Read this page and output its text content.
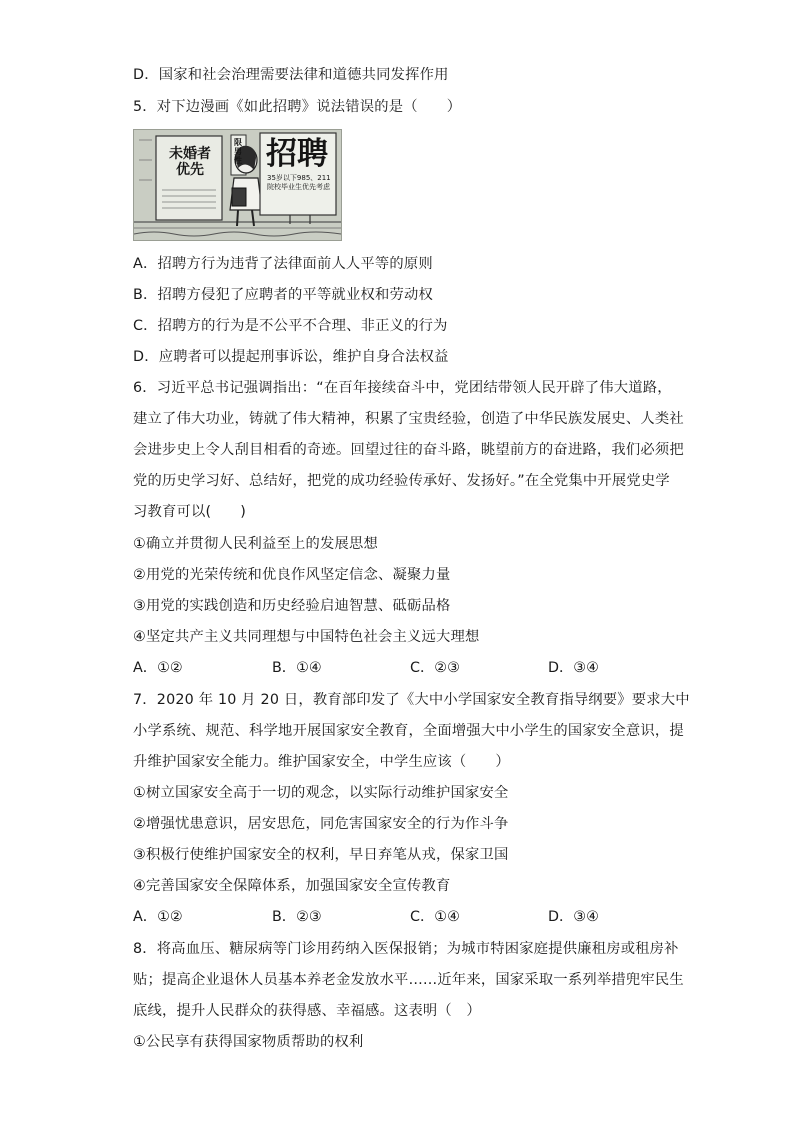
D．国家和社会治理需要法律和道德共同发挥作用
5．对下边漫画《如此招聘》说法错误的是（　　）
未婚者优先
限男性 招聘
35岁以下985、211院校毕业生优先考虑
A．招聘方行为违背了法律面前人人平等的原则
B．招聘方侵犯了应聘者的平等就业权和劳动权
C．招聘方的行为是不公平不合理、非正义的行为
D．应聘者可以提起刑事诉讼，维护自身合法权益
6．习近平总书记强调指出：“在百年接续奋斗中，党团结带领人民开辟了伟大道路，
建立了伟大功业，铸就了伟大精神，积累了宝贵经验，创造了中华民族发展史、人类社
会进步史上令人刮目相看的奇迹。回望过往的奋斗路，眺望前方的奋进路，我们必须把
党的历史学习好、总结好，把党的成功经验传承好、发扬好。”在全党集中开展党史学
习教育可以(　　)
①确立并贯彻人民利益至上的发展思想
②用党的光荣传统和优良作风坚定信念、凝聚力量
③用党的实践创造和历史经验启迪智慧、砥砺品格
④坚定共产主义共同理想与中国特色社会主义远大理想
A．①②	B．①④	C．②③	D．③④
7．2020 年 10 月 20 日，教育部印发了《大中小学国家安全教育指导纲要》要求大中
小学系统、规范、科学地开展国家安全教育，全面增强大中小学生的国家安全意识，提
升维护国家安全能力。维护国家安全，中学生应该（　　）
①树立国家安全高于一切的观念，以实际行动维护国家安全
②增强忧患意识，居安思危，同危害国家安全的行为作斗争
③积极行使维护国家安全的权利，早日弃笔从戎，保家卫国
④完善国家安全保障体系，加强国家安全宣传教育
A．①②	B．②③	C．①④	D．③④
8．将高血压、糖尿病等门诊用药纳入医保报销；为城市特困家庭提供廉租房或租房补
贴；提高企业退休人员基本养老金发放水平……近年来，国家采取一系列举措兜牢民生
底线，提升人民群众的获得感、幸福感。这表明（　）
①公民享有获得国家物质帮助的权利
